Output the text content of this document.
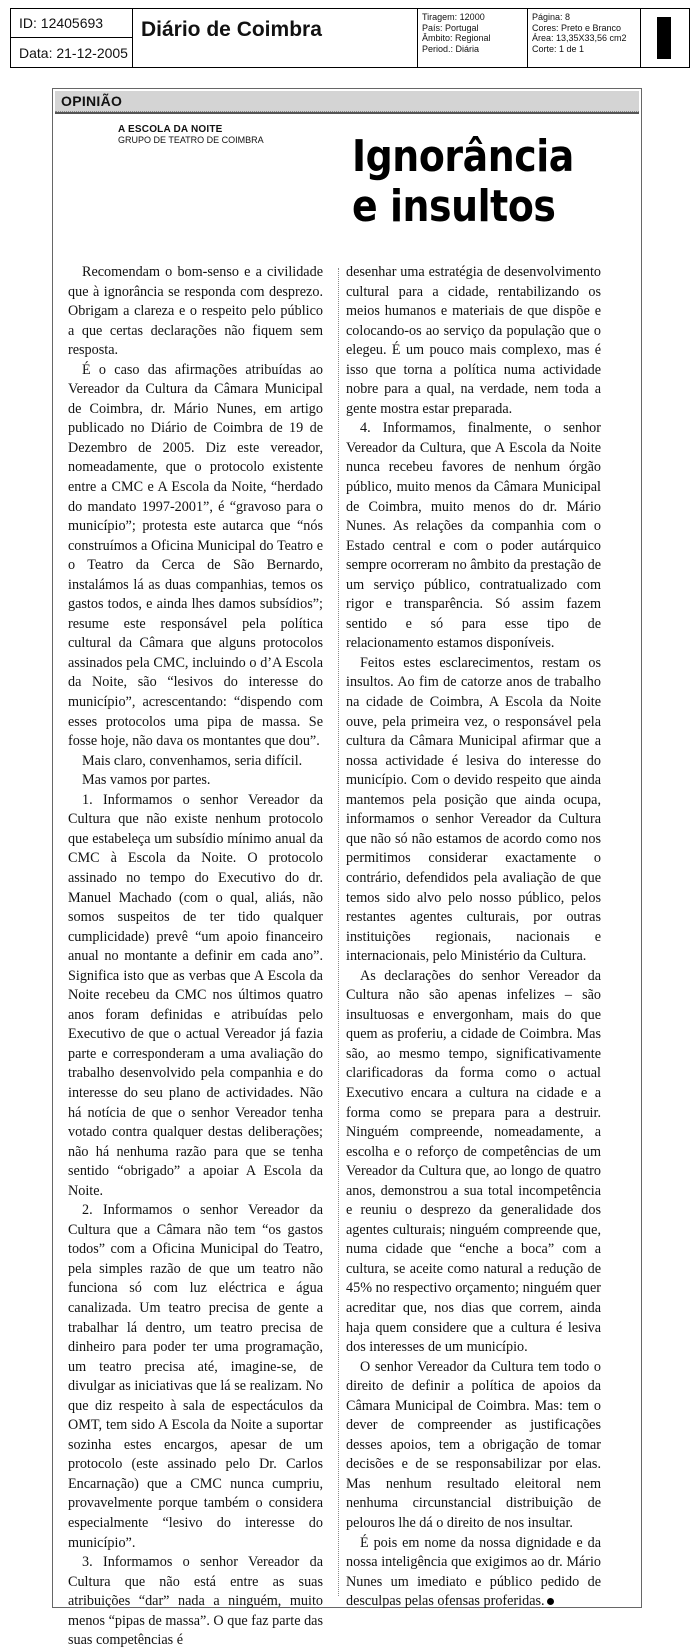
ID: 12405693
Data: 21-12-2005
Diário de Coimbra
Tiragem: 12000
País: Portugal
Âmbito: Regional
Period.: Diária
Página: 8
Cores: Preto e Branco
Área: 13,35X33,56 cm2
Corte: 1 de 1
OPINIÃO
A ESCOLA DA NOITE
GRUPO DE TEATRO DE COIMBRA Ignorância
e insultos

Recomendam o bom-senso e a civilidade que à ignorância se responda com desprezo. Obrigam a clareza e o respeito pelo público a que certas declarações não fiquem sem resposta.

É o caso das afirmações atribuídas ao Vereador da Cultura da Câmara Municipal de Coimbra, dr. Mário Nunes, em artigo publicado no Diário de Coimbra de 19 de Dezembro de 2005. Diz este vereador, nomeadamente, que o protocolo existente entre a CMC e A Escola da Noite, “herdado do mandato 1997-2001”, é “gravoso para o município”; protesta este autarca que “nós construímos a Oficina Municipal do Teatro e o Teatro da Cerca de São Bernardo, instalámos lá as duas companhias, temos os gastos todos, e ainda lhes damos subsídios”; resume este responsável pela política cultural da Câmara que alguns protocolos assinados pela CMC, incluindo o d’A Escola da Noite, são “lesivos do interesse do município”, acrescentando: “dispendo com esses protocolos uma pipa de massa. Se fosse hoje, não dava os montantes que dou”.

Mais claro, convenhamos, seria difícil.

Mas vamos por partes.

1. Informamos o senhor Vereador da Cultura que não existe nenhum protocolo que estabeleça um subsídio mínimo anual da CMC à Escola da Noite. O protocolo assinado no tempo do Executivo do dr. Manuel Machado (com o qual, aliás, não somos suspeitos de ter tido qualquer cumplicidade) prevê “um apoio financeiro anual no montante a definir em cada ano”. Significa isto que as verbas que A Escola da Noite recebeu da CMC nos últimos quatro anos foram definidas e atribuídas pelo Executivo de que o actual Vereador já fazia parte e corresponderam a uma avaliação do trabalho desenvolvido pela companhia e do interesse do seu plano de actividades. Não há notícia de que o senhor Vereador tenha votado contra qualquer destas deliberações; não há nenhuma razão para que se tenha sentido “obrigado” a apoiar A Escola da Noite.

2. Informamos o senhor Vereador da Cultura que a Câmara não tem “os gastos todos” com a Oficina Municipal do Teatro, pela simples razão de que um teatro não funciona só com luz eléctrica e água canalizada. Um teatro precisa de gente a trabalhar lá dentro, um teatro precisa de dinheiro para poder ter uma programação, um teatro precisa até, imagine-se, de divulgar as iniciativas que lá se realizam. No que diz respeito à sala de espectáculos da OMT, tem sido A Escola da Noite a suportar sozinha estes encargos, apesar de um protocolo (este assinado pelo Dr. Carlos Encarnação) que a CMC nunca cumpriu, provavelmente porque também o considera especialmente “lesivo do interesse do município”.

3. Informamos o senhor Vereador da Cultura que não está entre as suas atribuições “dar” nada a ninguém, muito menos “pipas de massa”. O que faz parte das suas competências é

desenhar uma estratégia de desenvolvimento cultural para a cidade, rentabilizando os meios humanos e materiais de que dispõe e colocando-os ao serviço da população que o elegeu. É um pouco mais complexo, mas é isso que torna a política numa actividade nobre para a qual, na verdade, nem toda a gente mostra estar preparada.

4. Informamos, finalmente, o senhor Vereador da Cultura, que A Escola da Noite nunca recebeu favores de nenhum órgão público, muito menos da Câmara Municipal de Coimbra, muito menos do dr. Mário Nunes. As relações da companhia com o Estado central e com o poder autárquico sempre ocorreram no âmbito da prestação de um serviço público, contratualizado com rigor e transparência. Só assim fazem sentido e só para esse tipo de relacionamento estamos disponíveis.

Feitos estes esclarecimentos, restam os insultos. Ao fim de catorze anos de trabalho na cidade de Coimbra, A Escola da Noite ouve, pela primeira vez, o responsável pela cultura da Câmara Municipal afirmar que a nossa actividade é lesiva do interesse do município. Com o devido respeito que ainda mantemos pela posição que ainda ocupa, informamos o senhor Vereador da Cultura que não só não estamos de acordo como nos permitimos considerar exactamente o contrário, defendidos pela avaliação de que temos sido alvo pelo nosso público, pelos restantes agentes culturais, por outras instituições regionais, nacionais e internacionais, pelo Ministério da Cultura.

As declarações do senhor Vereador da Cultura não são apenas infelizes – são insultuosas e envergonham, mais do que quem as proferiu, a cidade de Coimbra. Mas são, ao mesmo tempo, significativamente clarificadoras da forma como o actual Executivo encara a cultura na cidade e a forma como se prepara para a destruir. Ninguém compreende, nomeadamente, a escolha e o reforço de competências de um Vereador da Cultura que, ao longo de quatro anos, demonstrou a sua total incompetência e reuniu o desprezo da generalidade dos agentes culturais; ninguém compreende que, numa cidade que “enche a boca” com a cultura, se aceite como natural a redução de 45% no respectivo orçamento; ninguém quer acreditar que, nos dias que correm, ainda haja quem considere que a cultura é lesiva dos interesses de um município.

O senhor Vereador da Cultura tem todo o direito de definir a política de apoios da Câmara Municipal de Coimbra. Mas: tem o dever de compreender as justificações desses apoios, tem a obrigação de tomar decisões e de se responsabilizar por elas. Mas nenhum resultado eleitoral nem nenhuma circunstancial distribuição de pelouros lhe dá o direito de nos insultar.

É pois em nome da nossa dignidade e da nossa inteligência que exigimos ao dr. Mário Nunes um imediato e público pedido de desculpas pelas ofensas proferidas.
